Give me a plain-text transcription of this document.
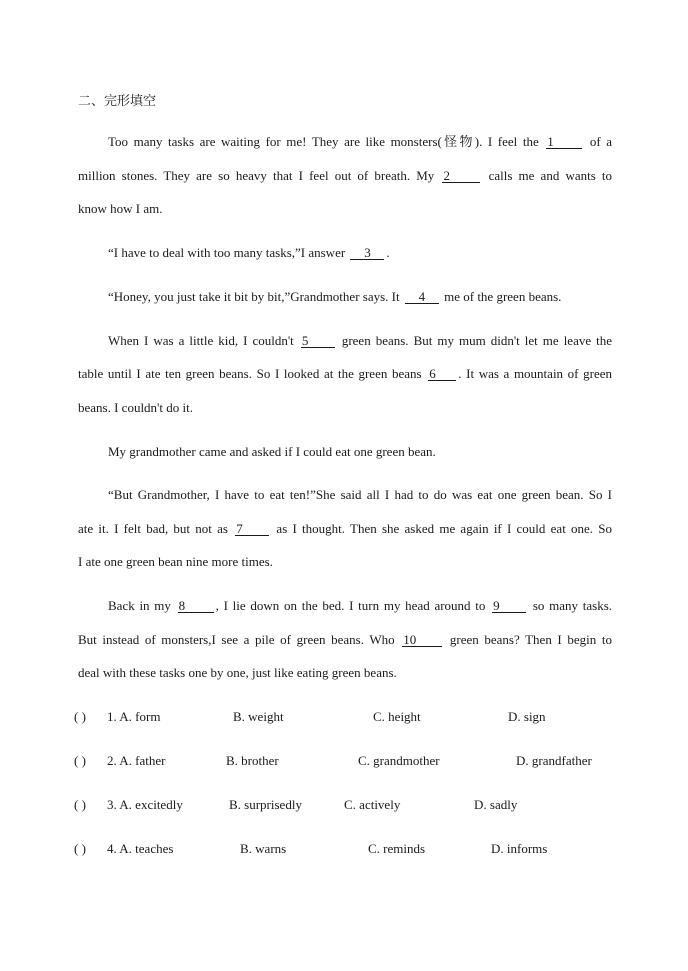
二、完形填空
Too many tasks are waiting for me! They are like monsters(怪物). I feel the 1	of a
million stones. They are so heavy that I feel out of breath. My 2	calls me and wants to
know how I am.
“I have to deal with too many tasks,”I answer 3 .
“Honey, you just take it bit by bit,”Grandmother says. It 4 me of the green beans.
When I was a little kid, I couldn't 5	green beans. But my mum didn't let me leave the
table until I ate ten green beans. So I looked at the green beans 6 . It was a mountain of green
beans. I couldn't do it.
My grandmother came and asked if I could eat one green bean.
“But Grandmother, I have to eat ten!”She said all I had to do was eat one green bean. So I
ate it. I felt bad, but not as 7	as I thought. Then she asked me again if I could eat one. So
I ate one green bean nine more times.
Back in my 8 , I lie down on the bed. I turn my head around to 9	so many tasks.
But instead of monsters,I see a pile of green beans. Who 10	green beans? Then I begin to
deal with these tasks one by one, just like eating green beans.
( ) 1. A. form	B. weight	C. height	D. sign
( ) 2. A. father	B. brother	C. grandmother	D. grandfather
( ) 3. A. excitedly	B. surprisedly	C. actively	D. sadly
( ) 4. A. teaches	B. warns	C. reminds	D. informs
